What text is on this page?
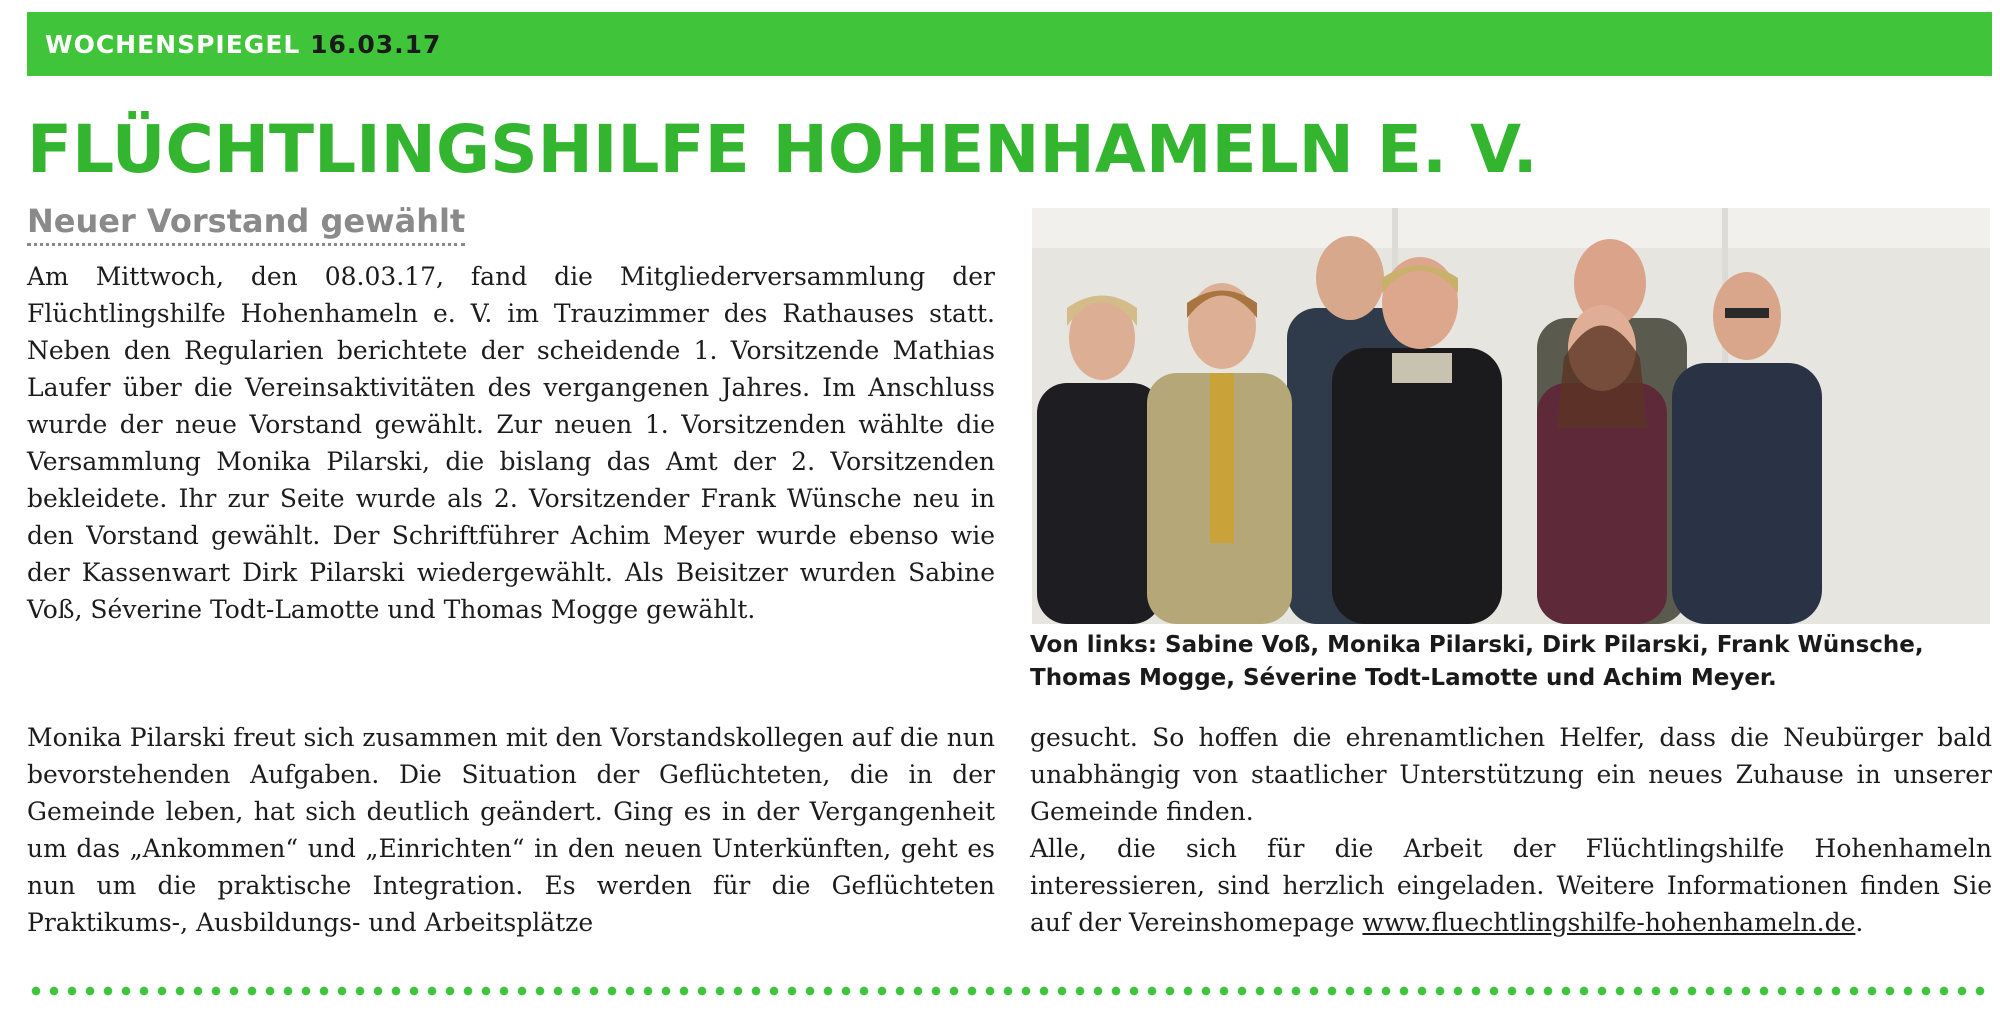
WOCHENSPIEGEL 16.03.17
FLÜCHTLINGSHILFE HOHENHAMELN E. V.
Neuer Vorstand gewählt

Am Mittwoch, den 08.03.17, fand die Mitgliederversammlung der Flüchtlingshilfe Hohenhameln e. V. im Trauzimmer des Rathauses statt. Neben den Regularien berichtete der scheidende 1. Vorsitzende Mathias Laufer über die Vereinsaktivitäten des vergangenen Jahres. Im Anschluss wurde der neue Vorstand gewählt. Zur neuen 1. Vorsitzenden wählte die Versammlung Monika Pilarski, die bislang das Amt der 2. Vorsitzenden bekleidete. Ihr zur Seite wurde als 2. Vorsitzender Frank Wünsche neu in den Vorstand gewählt. Der Schriftführer Achim Meyer wurde ebenso wie der Kassenwart Dirk Pilarski wiedergewählt. Als Beisitzer wurden Sabine Voß, Séverine Todt-Lamotte und Thomas Mogge gewählt.

Monika Pilarski freut sich zusammen mit den Vorstandskollegen auf die nun bevorstehenden Aufgaben. Die Situation der Geflüchteten, die in der Gemeinde leben, hat sich deutlich geändert. Ging es in der Vergangenheit um das „Ankommen“ und „Einrichten“ in den neuen Unterkünften, geht es nun um die praktische Integration. Es werden für die Geflüchteten Praktikums-, Ausbildungs- und Arbeitsplätze

Von links: Sabine Voß, Monika Pilarski, Dirk Pilarski, Frank Wünsche, Thomas Mogge, Séverine Todt-Lamotte und Achim Meyer.

gesucht. So hoffen die ehrenamtlichen Helfer, dass die Neubürger bald unabhängig von staatlicher Unterstützung ein neues Zuhause in unserer Gemeinde finden.

Alle, die sich für die Arbeit der Flüchtlingshilfe Hohenhameln interessieren, sind herzlich eingeladen. Weitere Informationen finden Sie auf der Vereinshomepage www.fluechtlingshilfe-hohenhameln.de.
